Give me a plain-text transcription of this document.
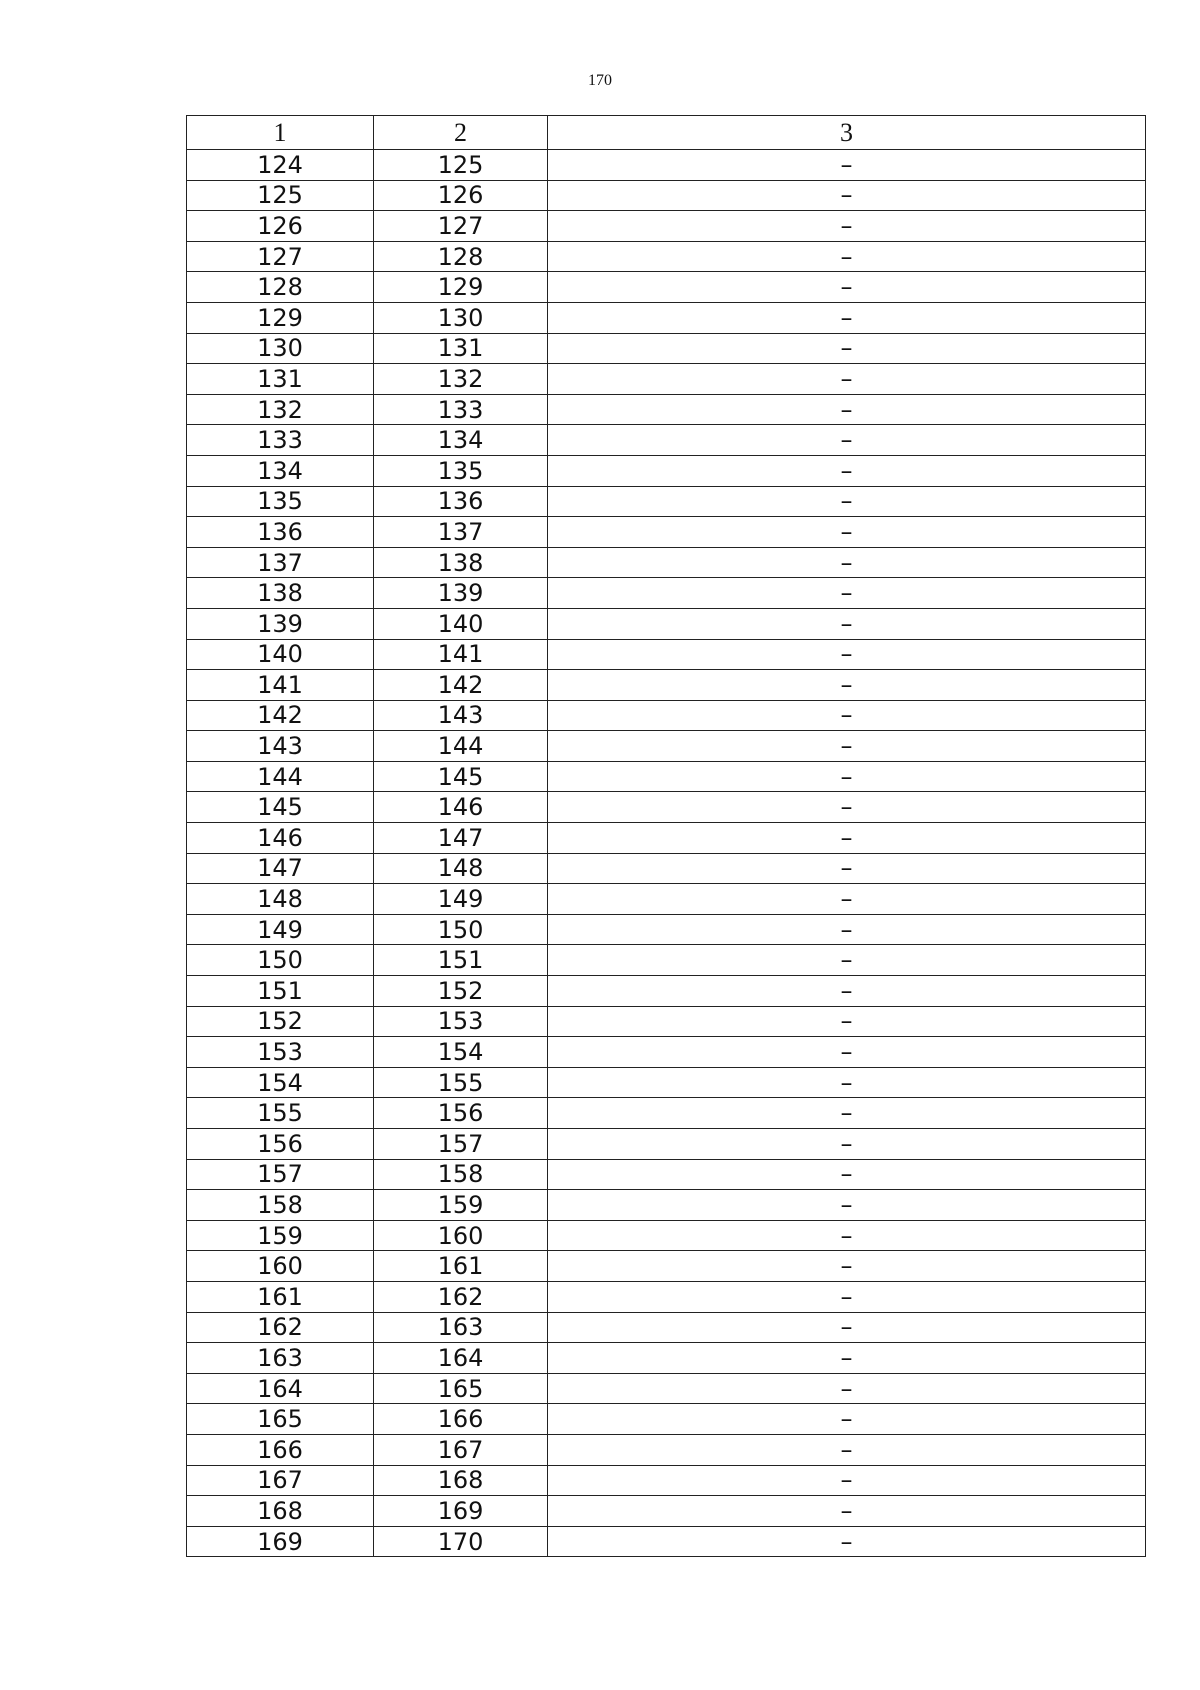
170
1	2	3
124	125	–
125	126	–
126	127	–
127	128	–
128	129	–
129	130	–
130	131	–
131	132	–
132	133	–
133	134	–
134	135	–
135	136	–
136	137	–
137	138	–
138	139	–
139	140	–
140	141	–
141	142	–
142	143	–
143	144	–
144	145	–
145	146	–
146	147	–
147	148	–
148	149	–
149	150	–
150	151	–
151	152	–
152	153	–
153	154	–
154	155	–
155	156	–
156	157	–
157	158	–
158	159	–
159	160	–
160	161	–
161	162	–
162	163	–
163	164	–
164	165	–
165	166	–
166	167	–
167	168	–
168	169	–
169	170	–
